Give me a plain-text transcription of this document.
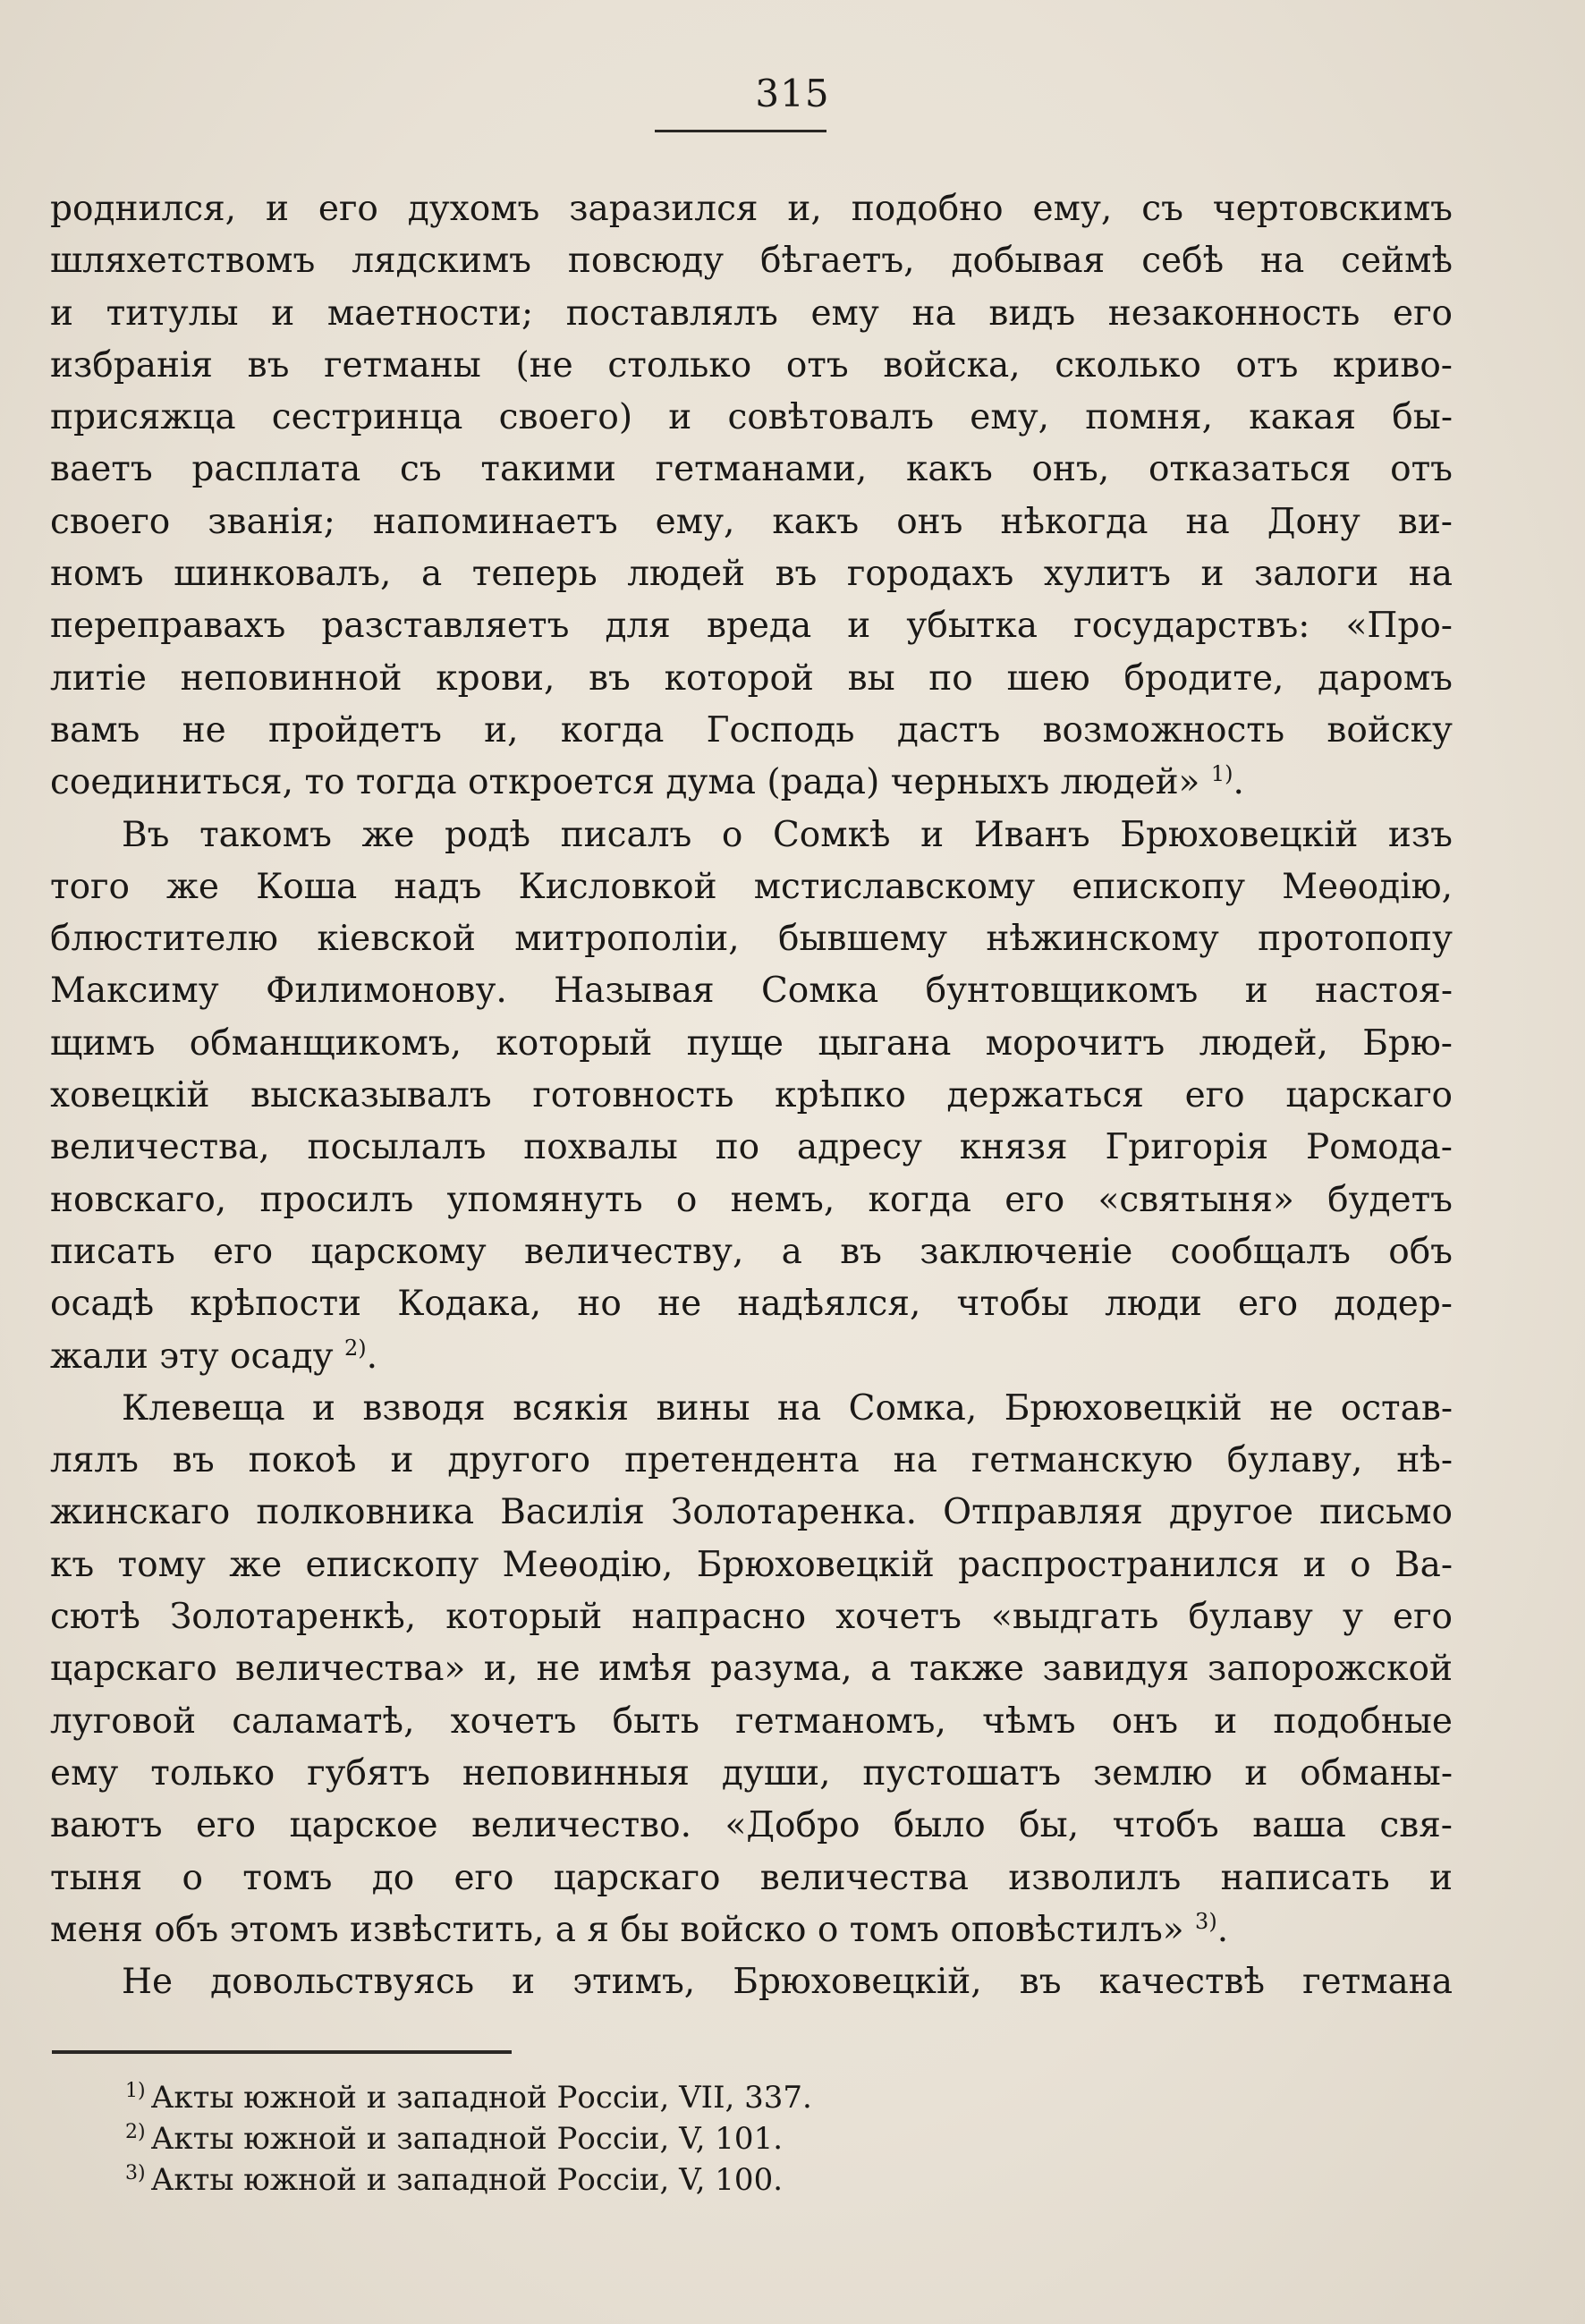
315
роднился, и его духомъ заразился и, подобно ему, съ чертовскимъ
шляхетствомъ лядскимъ повсюду бѣгаетъ, добывая себѣ на сеймѣ
и титулы и маетности; поставлялъ ему на видъ незаконность его
избранія въ гетманы (не столько отъ войска, сколько отъ криво-
присяжца сестринца своего) и совѣтовалъ ему, помня, какая бы-
ваетъ расплата съ такими гетманами, какъ онъ, отказаться отъ
своего званія; напоминаетъ ему, какъ онъ нѣкогда на Дону ви-
номъ шинковалъ, а теперь людей въ городахъ хулитъ и залоги на
переправахъ разставляетъ для вреда и убытка государствъ: «Про-
литіе неповинной крови, въ которой вы по шею бродите, даромъ
вамъ не пройдетъ и, когда Господь дастъ возможность войску
соединиться, то тогда откроется дума (рада) черныхъ людей» $^{1)}$.
Въ такомъ же родѣ писалъ о Сомкѣ и Иванъ Брюховецкій изъ
того же Коша надъ Кисловкой мстиславскому епископу Меѳодію,
блюстителю кіевской митрополіи, бывшему нѣжинскому протопопу
Максиму Филимонову. Называя Сомка бунтовщикомъ и настоя-
щимъ обманщикомъ, который пуще цыгана морочитъ людей, Брю-
ховецкій высказывалъ готовность крѣпко держаться его царскаго
величества, посылалъ похвалы по адресу князя Григорія Ромода-
новскаго, просилъ упомянуть о немъ, когда его «святыня» будетъ
писать его царскому величеству, а въ заключеніе сообщалъ объ
осадѣ крѣпости Кодака, но не надѣялся, чтобы люди его додер-
жали эту осаду $^{2)}$.
Клевеща и взводя всякія вины на Сомка, Брюховецкій не остав-
лялъ въ покоѣ и другого претендента на гетманскую булаву, нѣ-
жинскаго полковника Василія Золотаренка. Отправляя другое письмо
къ тому же епископу Меѳодію, Брюховецкій распространился и о Ва-
сютѣ Золотаренкѣ, который напрасно хочетъ «выдгать булаву у его
царскаго величества» и, не имѣя разума, а также завидуя запорожской
луговой саламатѣ, хочетъ быть гетманомъ, чѣмъ онъ и подобные
ему только губятъ неповинныя души, пустошатъ землю и обманы-
ваютъ его царское величество. «Добро было бы, чтобъ ваша свя-
тыня о томъ до его царскаго величества изволилъ написать и
меня объ этомъ извѣстить, а я бы войско о томъ оповѣстилъ» $^{3)}$.
Не довольствуясь и этимъ, Брюховецкій, въ качествѣ гетмана
$^{1)}$ Акты южной и западной Россіи, VII, 337.
$^{2)}$ Акты южной и западной Россіи, V, 101.
$^{3)}$ Акты южной и западной Россіи, V, 100.
